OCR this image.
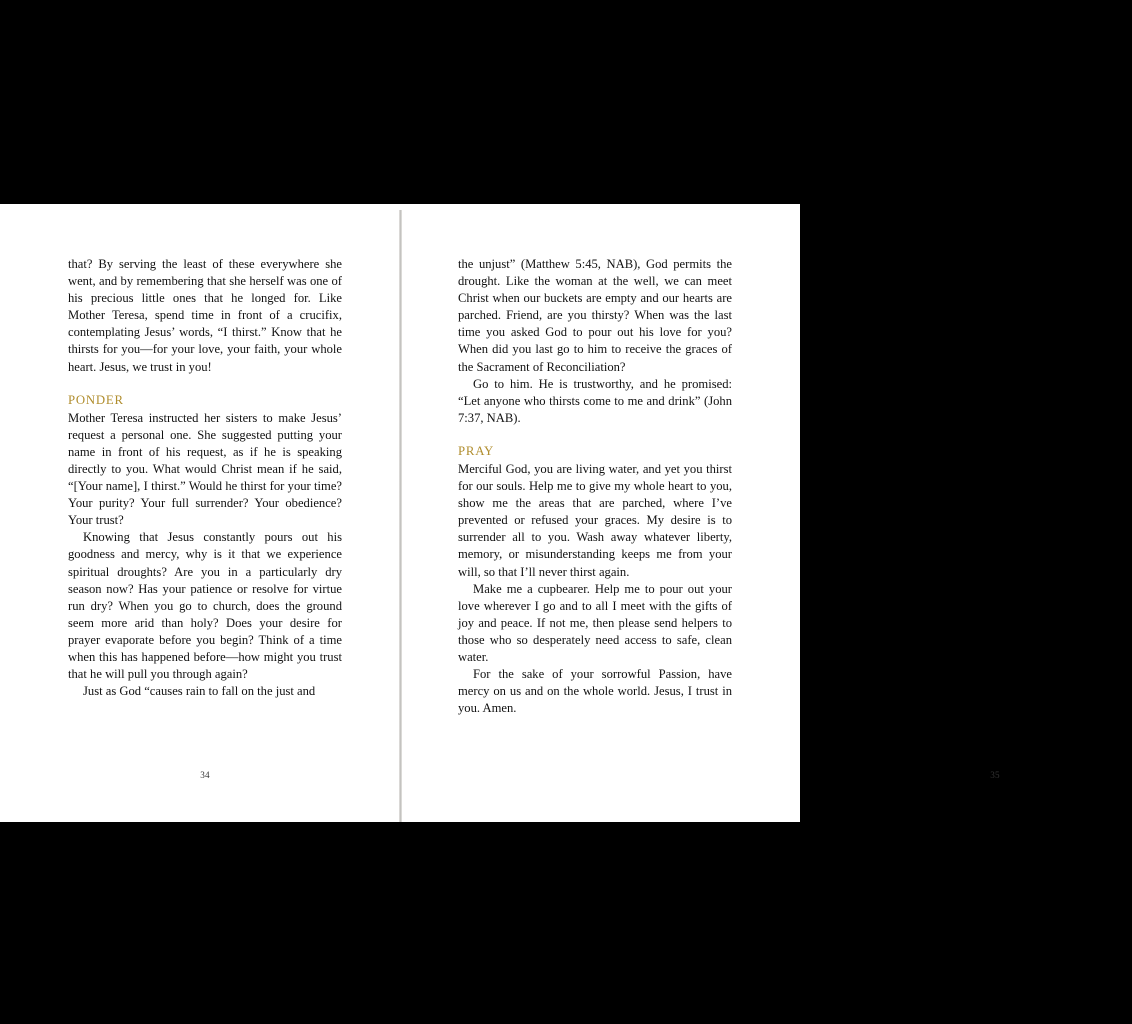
that? By serving the least of these everywhere she went, and by remembering that she herself was one of his precious little ones that he longed for. Like Mother Teresa, spend time in front of a crucifix, contemplating Jesus’ words, “I thirst.” Know that he thirsts for you—for your love, your faith, your whole heart. Jesus, we trust in you!

PONDER

Mother Teresa instructed her sisters to make Jesus’ request a personal one. She suggested putting your name in front of his request, as if he is speaking directly to you. What would Christ mean if he said, “[Your name], I thirst.” Would he thirst for your time? Your purity? Your full surrender? Your obedience? Your trust?

Knowing that Jesus constantly pours out his goodness and mercy, why is it that we experience spiritual droughts? Are you in a particularly dry season now? Has your patience or resolve for virtue run dry? When you go to church, does the ground seem more arid than holy? Does your desire for prayer evaporate before you begin? Think of a time when this has happened before—how might you trust that he will pull you through again?

Just as God “causes rain to fall on the just and

34

the unjust” (Matthew 5:45, NAB), God permits the drought. Like the woman at the well, we can meet Christ when our buckets are empty and our hearts are parched. Friend, are you thirsty? When was the last time you asked God to pour out his love for you? When did you last go to him to receive the graces of the Sacrament of Reconciliation?

Go to him. He is trustworthy, and he promised: “Let anyone who thirsts come to me and drink” (John 7:37, NAB).

PRAY

Merciful God, you are living water, and yet you thirst for our souls. Help me to give my whole heart to you, show me the areas that are parched, where I’ve prevented or refused your graces. My desire is to surrender all to you. Wash away whatever liberty, memory, or misunderstanding keeps me from your will, so that I’ll never thirst again.

Make me a cupbearer. Help me to pour out your love wherever I go and to all I meet with the gifts of joy and peace. If not me, then please send helpers to those who so desperately need access to safe, clean water.

For the sake of your sorrowful Passion, have mercy on us and on the whole world. Jesus, I trust in you. Amen.

35
